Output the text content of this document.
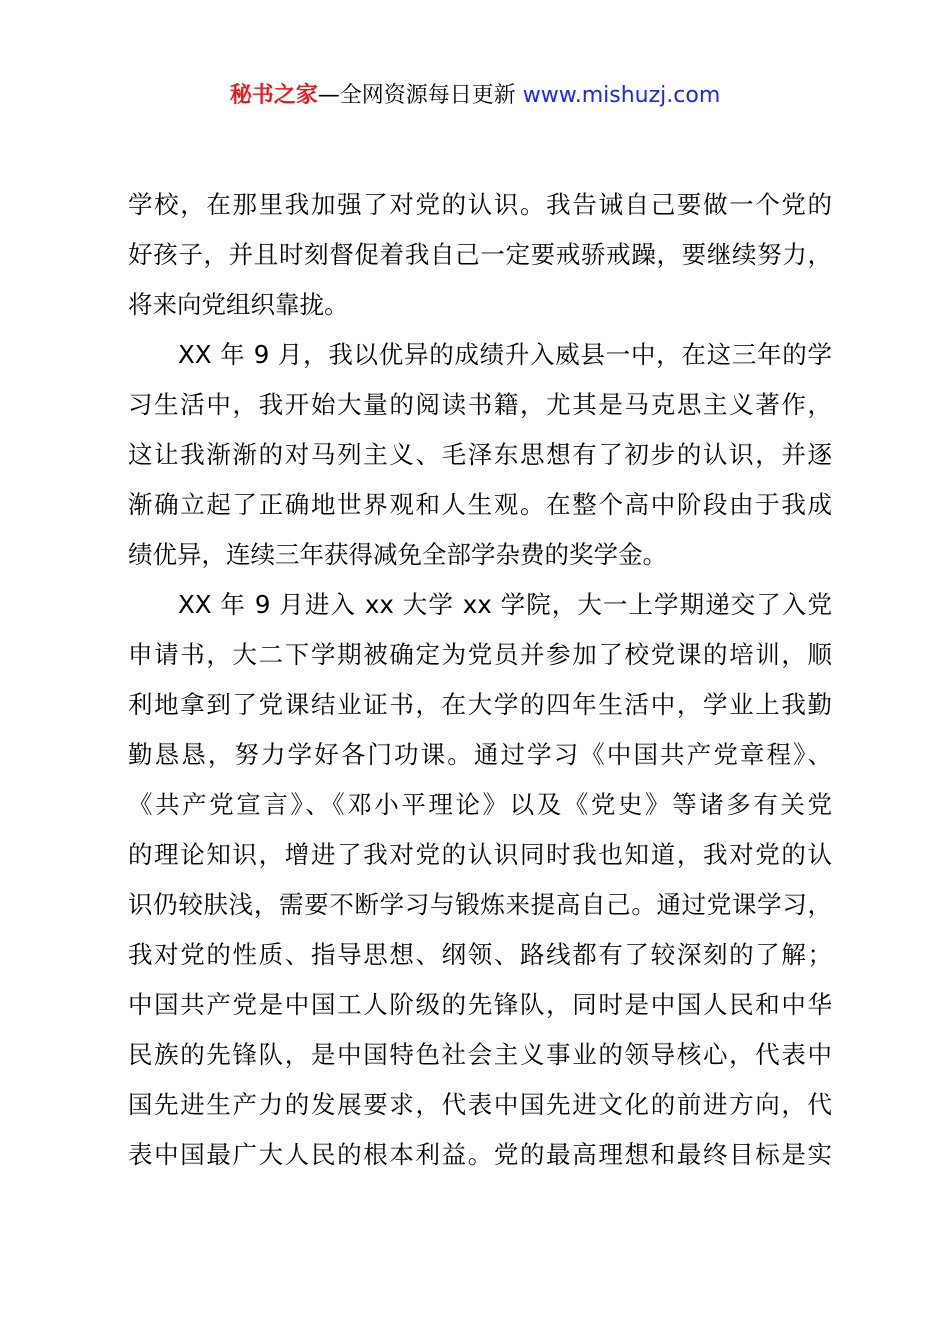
秘书之家—全网资源每日更新 www.mishuzj.com
学校，在那里我加强了对党的认识。我告诫自己要做一个党的
好孩子，并且时刻督促着我自己一定要戒骄戒躁，要继续努力，
将来向党组织靠拢。
XX 年 9 月，我以优异的成绩升入威县一中，在这三年的学
习生活中，我开始大量的阅读书籍，尤其是马克思主义著作，
这让我渐渐的对马列主义、毛泽东思想有了初步的认识，并逐
渐确立起了正确地世界观和人生观。在整个高中阶段由于我成
绩优异，连续三年获得减免全部学杂费的奖学金。
XX 年 9 月进入 xx 大学 xx 学院，大一上学期递交了入党
申请书，大二下学期被确定为党员并参加了校党课的培训，顺
利地拿到了党课结业证书，在大学的四年生活中，学业上我勤
勤恳恳，努力学好各门功课。通过学习《中国共产党章程》、
《共产党宣言》、《邓小平理论》以及《党史》等诸多有关党
的理论知识，增进了我对党的认识同时我也知道，我对党的认
识仍较肤浅，需要不断学习与锻炼来提高自己。通过党课学习，
我对党的性质、指导思想、纲领、路线都有了较深刻的了解；
中国共产党是中国工人阶级的先锋队，同时是中国人民和中华
民族的先锋队，是中国特色社会主义事业的领导核心，代表中
国先进生产力的发展要求，代表中国先进文化的前进方向，代
表中国最广大人民的根本利益。党的最高理想和最终目标是实
